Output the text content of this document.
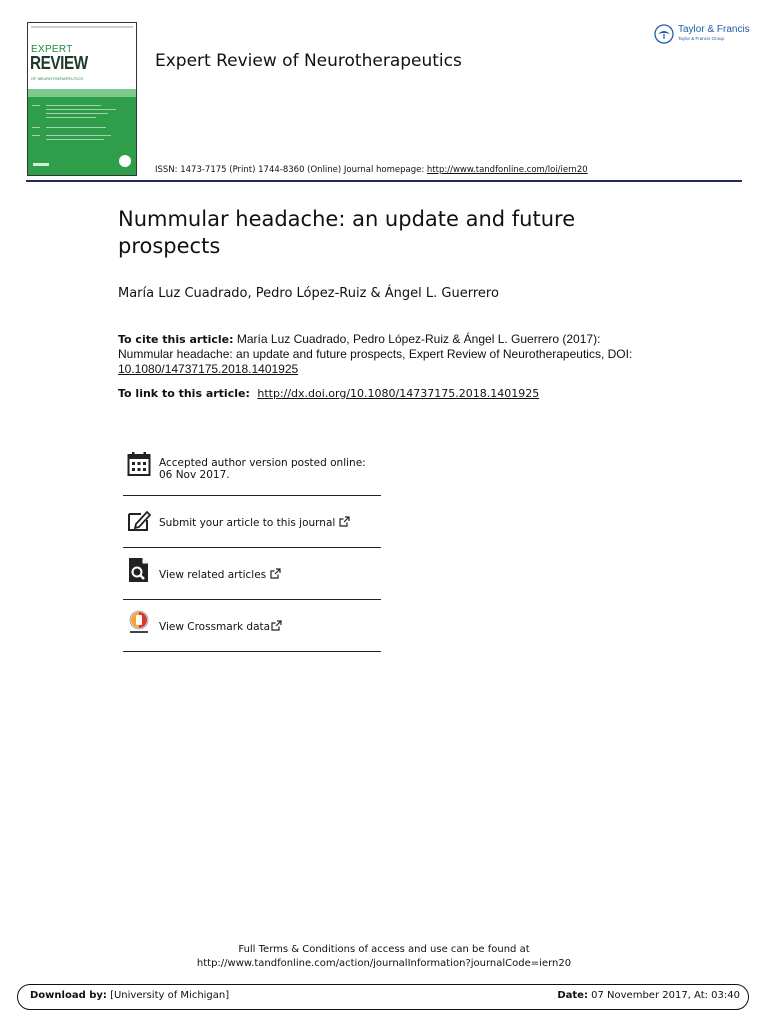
EXPERT
REVIEW
OF NEUROTHERAPEUTICS
Expert Review of Neurotherapeutics
Taylor & Francis
Taylor & Francis Group
ISSN: 1473-7175 (Print) 1744-8360 (Online) Journal homepage: http://www.tandfonline.com/loi/iern20
Nummular headache: an update and future prospects
María Luz Cuadrado, Pedro López-Ruiz & Ángel L. Guerrero
To cite this article: María Luz Cuadrado, Pedro López-Ruiz & Ángel L. Guerrero (2017): Nummular headache: an update and future prospects, Expert Review of Neurotherapeutics, DOI:
10.1080/14737175.2018.1401925
To link to this article: http://dx.doi.org/10.1080/14737175.2018.1401925
Accepted author version posted online: 06 Nov 2017.
Submit your article to this journal
View related articles
View Crossmark data
Full Terms & Conditions of access and use can be found at
http://www.tandfonline.com/action/journalInformation?journalCode=iern20
Download by: [University of Michigan]	Date: 07 November 2017, At: 03:40
